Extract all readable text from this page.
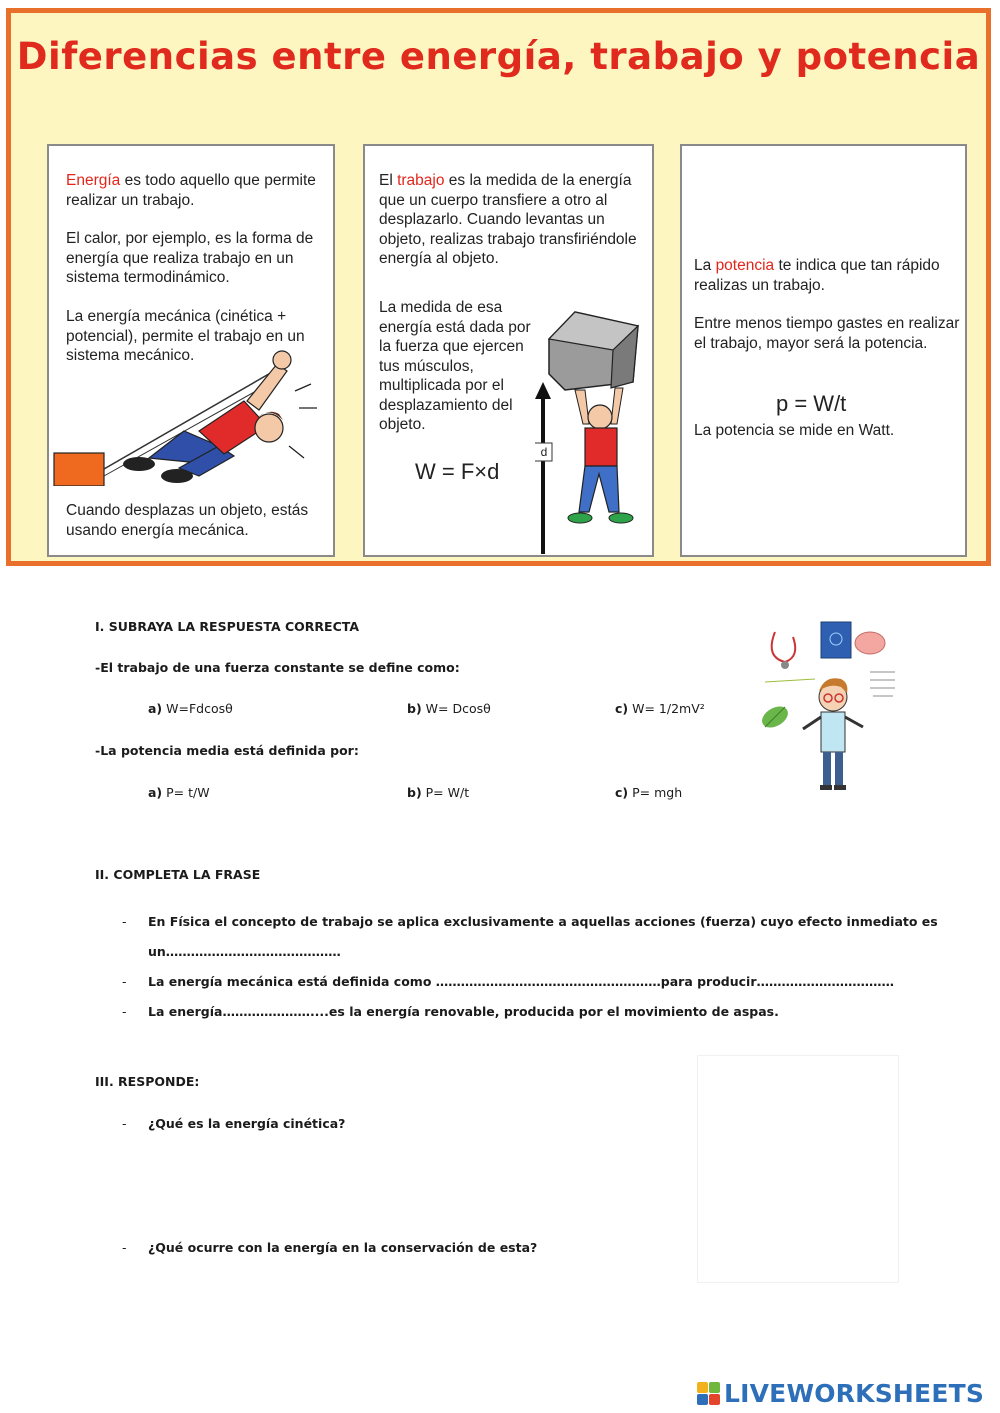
Diferencias entre energía, trabajo y potencia

Energía es todo aquello que permite realizar un trabajo.

El calor, por ejemplo, es la forma de energía que realiza trabajo en un sistema termodinámico.

La energía mecánica (cinética + potencial), permite el trabajo en un sistema mecánico.

Cuando desplazas un objeto, estás usando energía mecánica.

El trabajo es la medida de la energía que un cuerpo transfiere a otro al desplazarlo. Cuando levantas un objeto, realizas trabajo transfiriéndole energía al objeto.

La medida de esa energía está dada por la fuerza que ejercen tus músculos, multiplicada por el desplazamiento del objeto.

d
W = F×d

La potencia te indica que tan rápido realizas un trabajo.

Entre menos tiempo gastes en realizar el trabajo, mayor será la potencia.

p = W/t

La potencia se mide en Watt.

I. SUBRAYA LA RESPUESTA CORRECTA
-El trabajo de una fuerza constante se define como:
a) W=Fdcosθ	b) W= Dcosθ	c) W= 1/2mV²
-La potencia media está definida por:
a) P= t/W	b) P= W/t	c) P= mgh
II. COMPLETA LA FRASE
- En Física el concepto de trabajo se aplica exclusivamente a aquellas acciones (fuerza) cuyo efecto inmediato es
un……………………………………
- La energía mecánica está definida como ………………………………………………para producir……………………………
- La energía…………………....es la energía renovable, producida por el movimiento de aspas.
III. RESPONDE:
- ¿Qué es la energía cinética?
- ¿Qué ocurre con la energía en la conservación de esta?
LIVEWORKSHEETS
